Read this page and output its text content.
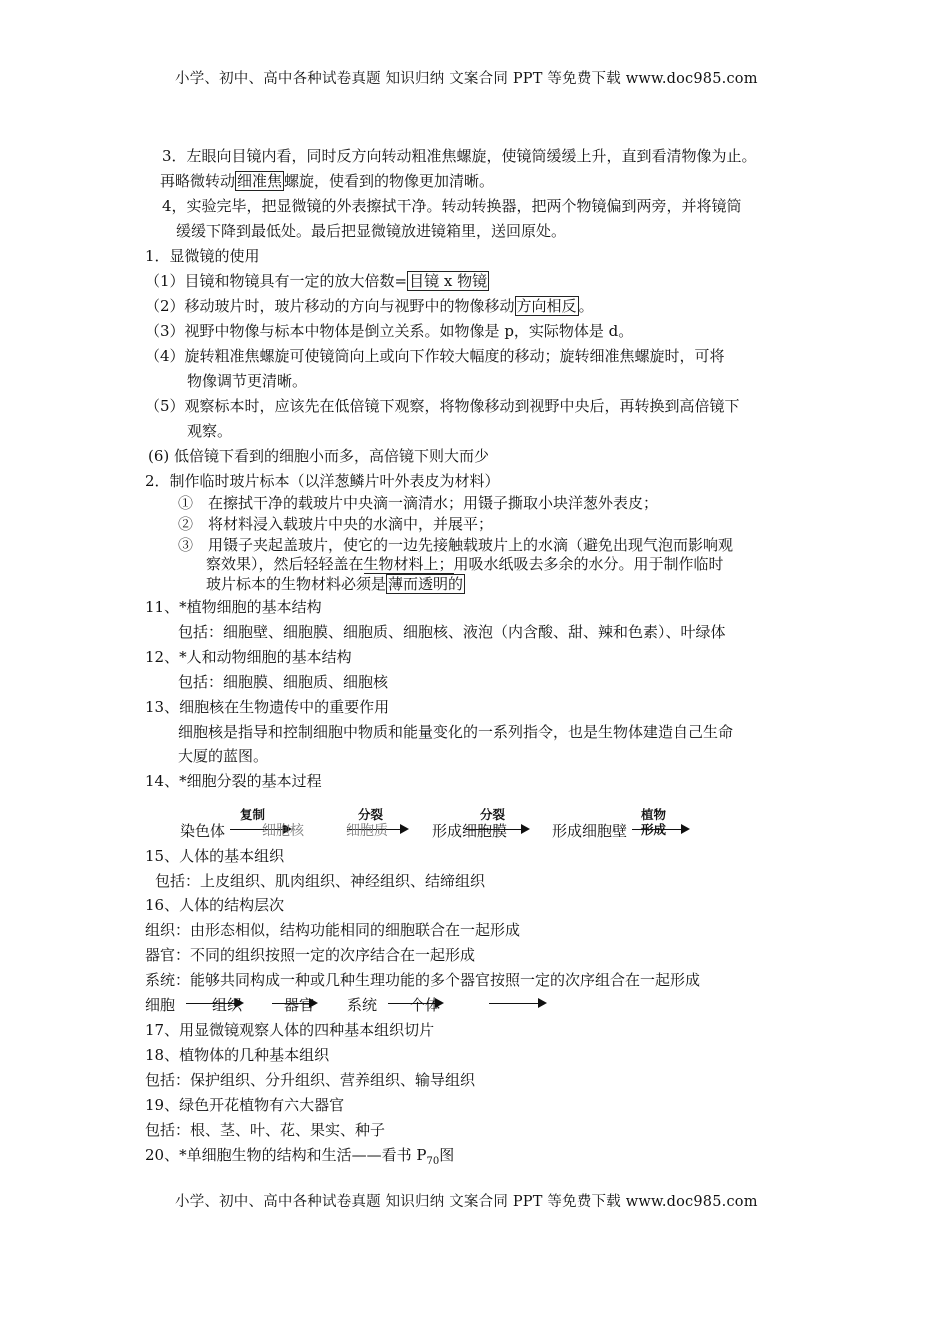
小学、初中、高中各种试卷真题 知识归纳 文案合同 PPT 等免费下载 www.doc985.com
3．左眼向目镜内看，同时反方向转动粗准焦螺旋，使镜筒缓缓上升，直到看清物像为止。
再略微转动 细准焦 螺旋，使看到的物像更加清晰。
4，实验完毕，把显微镜的外表擦拭干净。转动转换器，把两个物镜偏到两旁，并将镜筒
缓缓下降到最低处。最后把显微镜放进镜箱里，送回原处。
1．显微镜的使用
（1）目镜和物镜具有一定的放大倍数= 目镜 x 物镜
（2）移动玻片时，玻片移动的方向与视野中的物像移动 方向相反 。
（3）视野中物像与标本中物体是倒立关系。如物像是 p，实际物体是 d。
（4）旋转粗准焦螺旋可使镜筒向上或向下作较大幅度的移动；旋转细准焦螺旋时，可将
物像调节更清晰。
（5）观察标本时，应该先在低倍镜下观察，将物像移动到视野中央后，再转换到高倍镜下
观察。
(6) 低倍镜下看到的细胞小而多，高倍镜下则大而少
2．制作临时玻片标本（以洋葱鳞片叶外表皮为材料）
①　在擦拭干净的载玻片中央滴一滴清水；用镊子撕取小块洋葱外表皮；
②　将材料浸入载玻片中央的水滴中，并展平；
③　用镊子夹起盖玻片，使它的一边先接触载玻片上的水滴（避免出现气泡而影响观
察效果），然后轻轻盖在生物材料上；用吸水纸吸去多余的水分。用于制作临时
玻片标本的生物材料必须是 薄而透明的
11、*植物细胞的基本结构
包括：细胞壁、细胞膜、细胞质、细胞核、液泡（内含酸、甜、辣和色素）、叶绿体
12、*人和动物细胞的基本结构
包括：细胞膜、细胞质、细胞核
13、细胞核在生物遗传中的重要作用
细胞核是指导和控制细胞中物质和能量变化的一系列指令，也是生物体建造自己生命
大厦的蓝图。
14、*细胞分裂的基本过程
染色体
复制
细胞核
分裂
细胞质
分裂
形成细胞膜
植物
形成
形成细胞壁
15、人体的基本组织
包括：上皮组织、肌肉组织、神经组织、结缔组织
16、人体的结构层次
组织：由形态相似，结构功能相同的细胞联合在一起形成
器官：不同的组织按照一定的次序结合在一起形成
系统：能够共同构成一种或几种生理功能的多个器官按照一定的次序组合在一起形成
细胞 组织	器官 系统 个体
17、用显微镜观察人体的四种基本组织切片
18、植物体的几种基本组织
包括：保护组织、分升组织、营养组织、输导组织
19、绿色开花植物有六大器官
包括：根、茎、叶、花、果实、种子
20、*单细胞生物的结构和生活——看书 $P_{70}$图
小学、初中、高中各种试卷真题 知识归纳 文案合同 PPT 等免费下载 www.doc985.com
